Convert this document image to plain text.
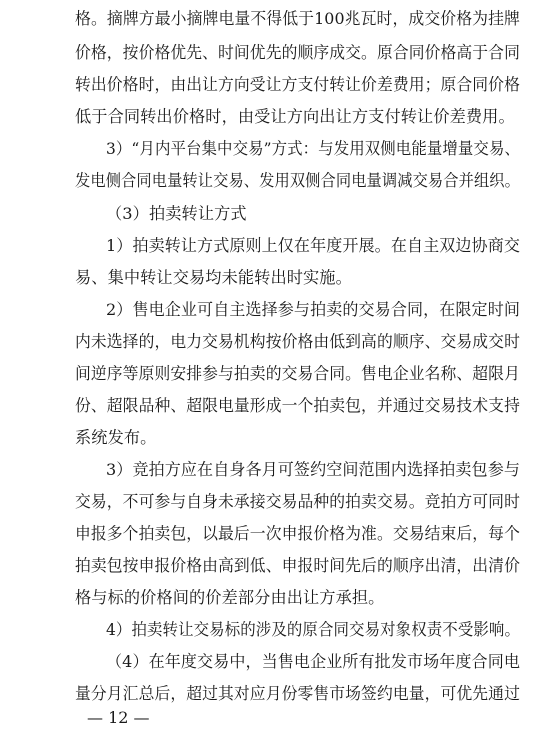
格。摘牌方最小摘牌电量不得低于100兆瓦时，成交价格为挂牌
价格，按价格优先、时间优先的顺序成交。原合同价格高于合同
转出价格时，由出让方向受让方支付转让价差费用；原合同价格
低于合同转出价格时，由受让方向出让方支付转让价差费用。
3）“月内平台集中交易”方式：与发用双侧电能量增量交易、
发电侧合同电量转让交易、发用双侧合同电量调减交易合并组织。
（3）拍卖转让方式
1）拍卖转让方式原则上仅在年度开展。在自主双边协商交
易、集中转让交易均未能转出时实施。
2）售电企业可自主选择参与拍卖的交易合同，在限定时间
内未选择的，电力交易机构按价格由低到高的顺序、交易成交时
间逆序等原则安排参与拍卖的交易合同。售电企业名称、超限月
份、超限品种、超限电量形成一个拍卖包，并通过交易技术支持
系统发布。
3）竞拍方应在自身各月可签约空间范围内选择拍卖包参与
交易，不可参与自身未承接交易品种的拍卖交易。竞拍方可同时
申报多个拍卖包，以最后一次申报价格为准。交易结束后，每个
拍卖包按申报价格由高到低、申报时间先后的顺序出清，出清价
格与标的价格间的价差部分由出让方承担。
4）拍卖转让交易标的涉及的原合同交易对象权责不受影响。
（4）在年度交易中，当售电企业所有批发市场年度合同电
量分月汇总后，超过其对应月份零售市场签约电量，可优先通过
— 12 —
